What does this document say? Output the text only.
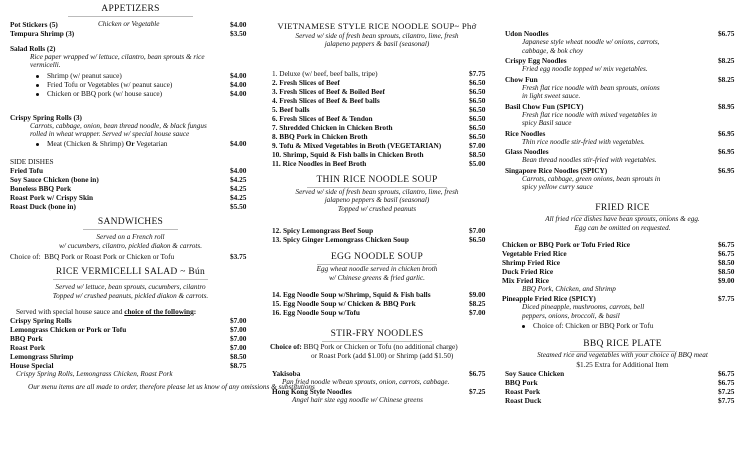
APPETIZERS
Pot Stickers (5)	Chicken or Vegetable	$4.00
Tempura Shrimp (3)	$3.50
Salad Rolls (2)
Rice paper wrapped w/ lettuce, cilantro, bean sprouts & rice
vermicelli.
Shrimp (w/ peanut sauce)	$4.00
Fried Tofu or Vegetables (w/ peanut sauce)	$4.00
Chicken or BBQ pork (w/ house sauce)	$4.00
Crispy Spring Rolls (3)
Carrots, cabbage, onion, bean thread noodle, & black fungus
rolled in wheat wrapper. Served w/ special house sauce
Meat (Chicken & Shrimp) Or Vegetarian	$4.00
SIDE DISHES
Fried Tofu	$4.00
Soy Sauce Chicken (bone in)	$4.25
Boneless BBQ Pork	$4.25
Roast Pork w/ Crispy Skin	$4.25
Roast Duck (bone in)	$5.50
SANDWICHES
Served on a French roll
w/ cucumbers, cilantro, pickled diakon & carrots.
Choice of: BBQ Pork or Roast Pork or Chicken or Tofu	$3.75
RICE VERMICELLI SALAD ~ Bún
Served w/ lettuce, bean sprouts, cucumbers, cilantro
Topped w/ crushed peanuts, pickled diakon & carrots.
Served with special house sauce and choice of the following:
Crispy Spring Rolls	$7.00
Lemongrass Chicken or Pork or Tofu	$7.00
BBQ Pork	$7.00
Roast Pork	$7.00
Lemongrass Shrimp	$8.50
House Special	$8.75
Crispy Spring Rolls, Lemongrass Chicken, Roast Pork
Our menu items are all made to order, therefore please let us know of any omissions & substitutions
VIETNAMESE STYLE RICE NOODLE SOUP~ Phở
Served w/ side of fresh bean sprouts, cilantro, lime, fresh
jalapeno peppers & basil (seasonal)
1. Deluxe (w/ beef, beef balls, tripe)	$7.75
2. Fresh Slices of Beef	$6.50
3. Fresh Slices of Beef & Boiled Beef	$6.50
4. Fresh Slices of Beef & Beef balls	$6.50
5. Beef balls	$6.50
6. Fresh Slices of Beef & Tendon	$6.50
7. Shredded Chicken in Chicken Broth	$6.50
8. BBQ Pork in Chicken Broth	$6.50
9. Tofu & Mixed Vegetables in Broth (VEGETARIAN)	$7.00
10. Shrimp, Squid & Fish balls in Chicken Broth	$8.50
11. Rice Noodles in Beef Broth	$5.00
THIN RICE NOODLE SOUP
Served w/ side of fresh bean sprouts, cilantro, lime, fresh
jalapeno peppers & basil (seasonal)
Topped w/ crushed peanuts
12. Spicy Lemongrass Beef Soup	$7.00
13. Spicy Ginger Lemongrass Chicken Soup	$6.50
EGG NOODLE SOUP
Egg wheat noodle served in chicken broth
w/ Chinese greens & fried garlic.
14. Egg Noodle Soup w/Shrimp, Squid & Fish balls	$9.00
15. Egg Noodle Soup w/ Chicken & BBQ Pork	$8.25
16. Egg Noodle Soup w/Tofu	$7.00
STIR-FRY NOODLES
Choice of: BBQ Pork or Chicken or Tofu (no additional charge)
or Roast Pork (add $1.00) or Shrimp (add $1.50)
Yakisoba	$6.75
Pan fried noodle w/bean sprouts, onion, carrots, cabbage.
Hong Kong Style Noodles	$7.25
Angel hair size egg noodle w/ Chinese greens
Udon Noodles	$6.75
Japanese style wheat noodle w/ onions, carrots,
cabbage, & bok choy
Crispy Egg Noodles	$8.25
Fried egg noodle topped w/ mix vegetables.
Chow Fun	$8.25
Fresh flat rice noodle with bean sprouts, onions
in light sweet sauce.
Basil Chow Fun (SPICY)	$8.95
Fresh flat rice noodle with mixed vegetables in
spicy Basil sauce
Rice Noodles	$6.95
Thin rice noodle stir-fried with vegetables.
Glass Noodles	$6.95
Bean thread noodles stir-fried with vegetables.
Singapore Rice Noodles (SPICY)	$6.95
Carrots, cabbage, green onions, bean sprouts in
spicy yellow curry sauce
FRIED RICE
All fried rice dishes have bean sprouts, onions & egg.
Egg can be omitted on requested.
Chicken or BBQ Pork or Tofu Fried Rice	$6.75
Vegetable Fried Rice	$6.75
Shrimp Fried Rice	$8.50
Duck Fried Rice	$8.50
Mix Fried Rice	$9.00
BBQ Pork, Chicken, and Shrimp
Pineapple Fried Rice (SPICY)	$7.75
Diced pineapple, mushrooms, carrots, bell
peppers, onions, broccoli, & basil
Choice of: Chicken or BBQ Pork or Tofu
BBQ RICE PLATE
Steamed rice and vegetables with your choice of BBQ meat
$1.25 Extra for Additional Item
Soy Sauce Chicken	$6.75
BBQ Pork	$6.75
Roast Pork	$7.25
Roast Duck	$7.75
